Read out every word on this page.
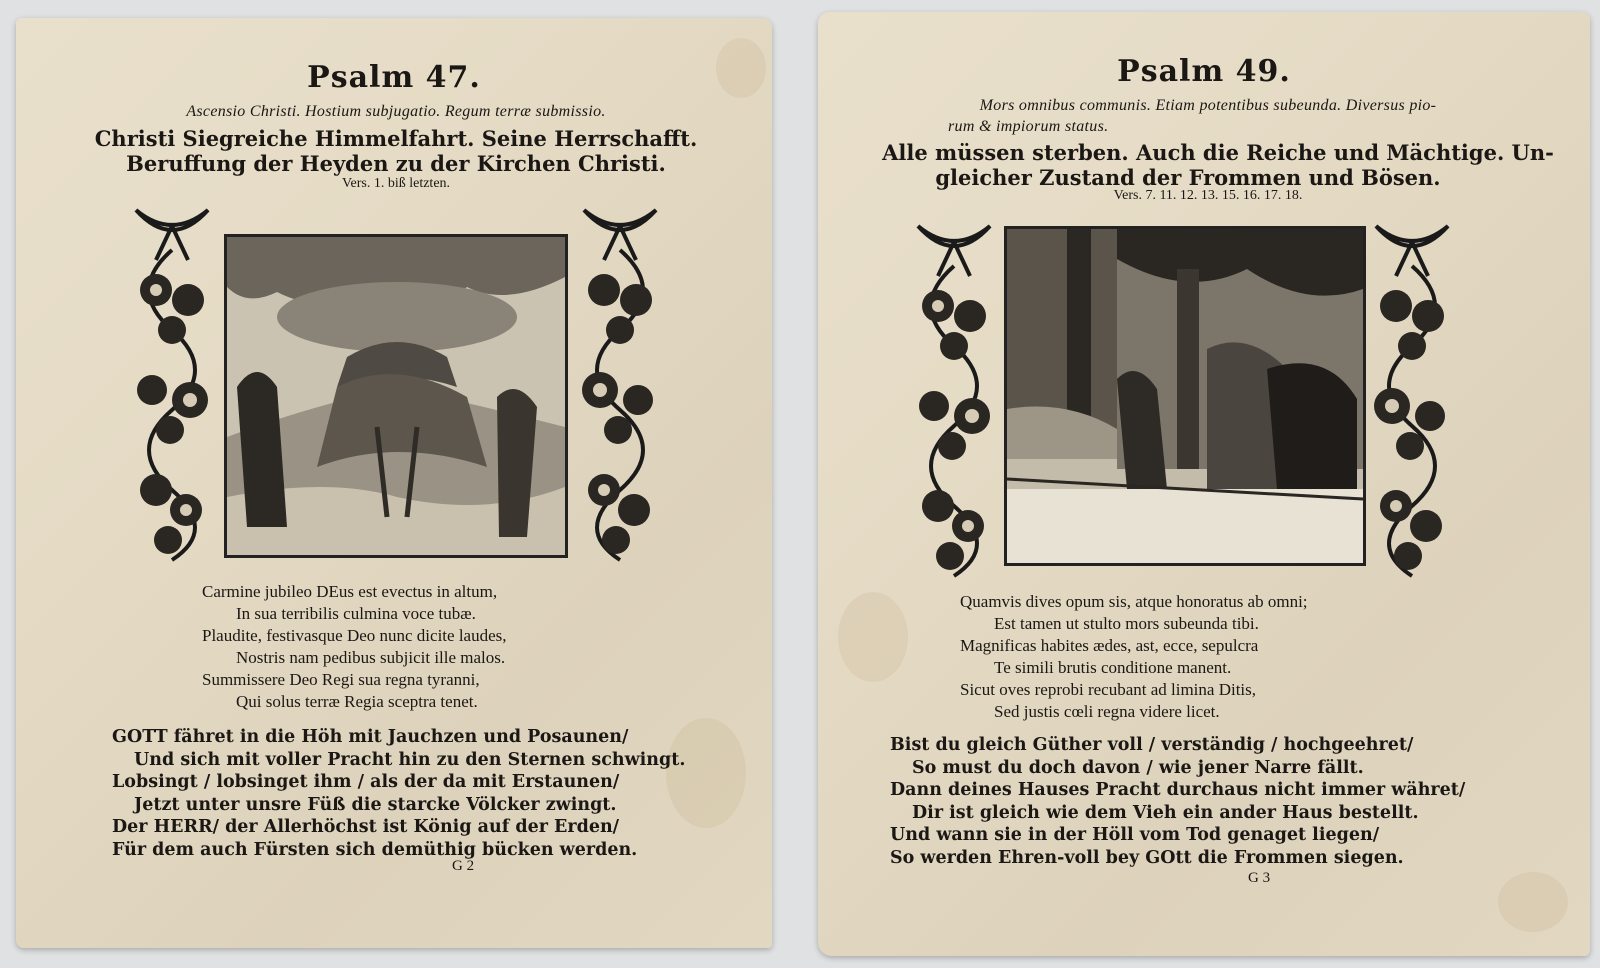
Psalm 47.
Ascensio Christi. Hostium subjugatio. Regum terræ submissio.
Christi Siegreiche Himmelfahrt. Seine Herrschafft.
Beruffung der Heyden zu der Kirchen Christi.
Vers. 1. biß letzten.
Carmine jubileo DEus est evectus in altum,
In sua terribilis culmina voce tubæ.
Plaudite, festivasque Deo nunc dicite laudes,
Nostris nam pedibus subjicit ille malos.
Summissere Deo Regi sua regna tyranni,
Qui solus terræ Regia sceptra tenet.
GOTT fähret in die Höh mit Jauchzen und Posaunen/
Und sich mit voller Pracht hin zu den Sternen schwingt.
Lobsingt / lobsinget ihm / als der da mit Erstaunen/
Jetzt unter unsre Füß die starcke Völcker zwingt.
Der HERR/ der Allerhöchst ist König auf der Erden/
Für dem auch Fürsten sich demüthig bücken werden.
G 2
Psalm 49.
Mors omnibus communis. Etiam potentibus subeunda. Diversus pio-
rum & impiorum status.
Alle müssen sterben. Auch die Reiche und Mächtige. Un-
gleicher Zustand der Frommen und Bösen.
Vers. 7. 11. 12. 13. 15. 16. 17. 18.
Quamvis dives opum sis, atque honoratus ab omni;
Est tamen ut stulto mors subeunda tibi.
Magnificas habites ædes, ast, ecce, sepulcra
Te simili brutis conditione manent.
Sicut oves reprobi recubant ad limina Ditis,
Sed justis cœli regna videre licet.
Bist du gleich Güther voll / verständig / hochgeehret/
So must du doch davon / wie jener Narre fällt.
Dann deines Hauses Pracht durchaus nicht immer währet/
Dir ist gleich wie dem Vieh ein ander Haus bestellt.
Und wann sie in der Höll vom Tod genaget liegen/
So werden Ehren-voll bey GOtt die Frommen siegen.
G 3
